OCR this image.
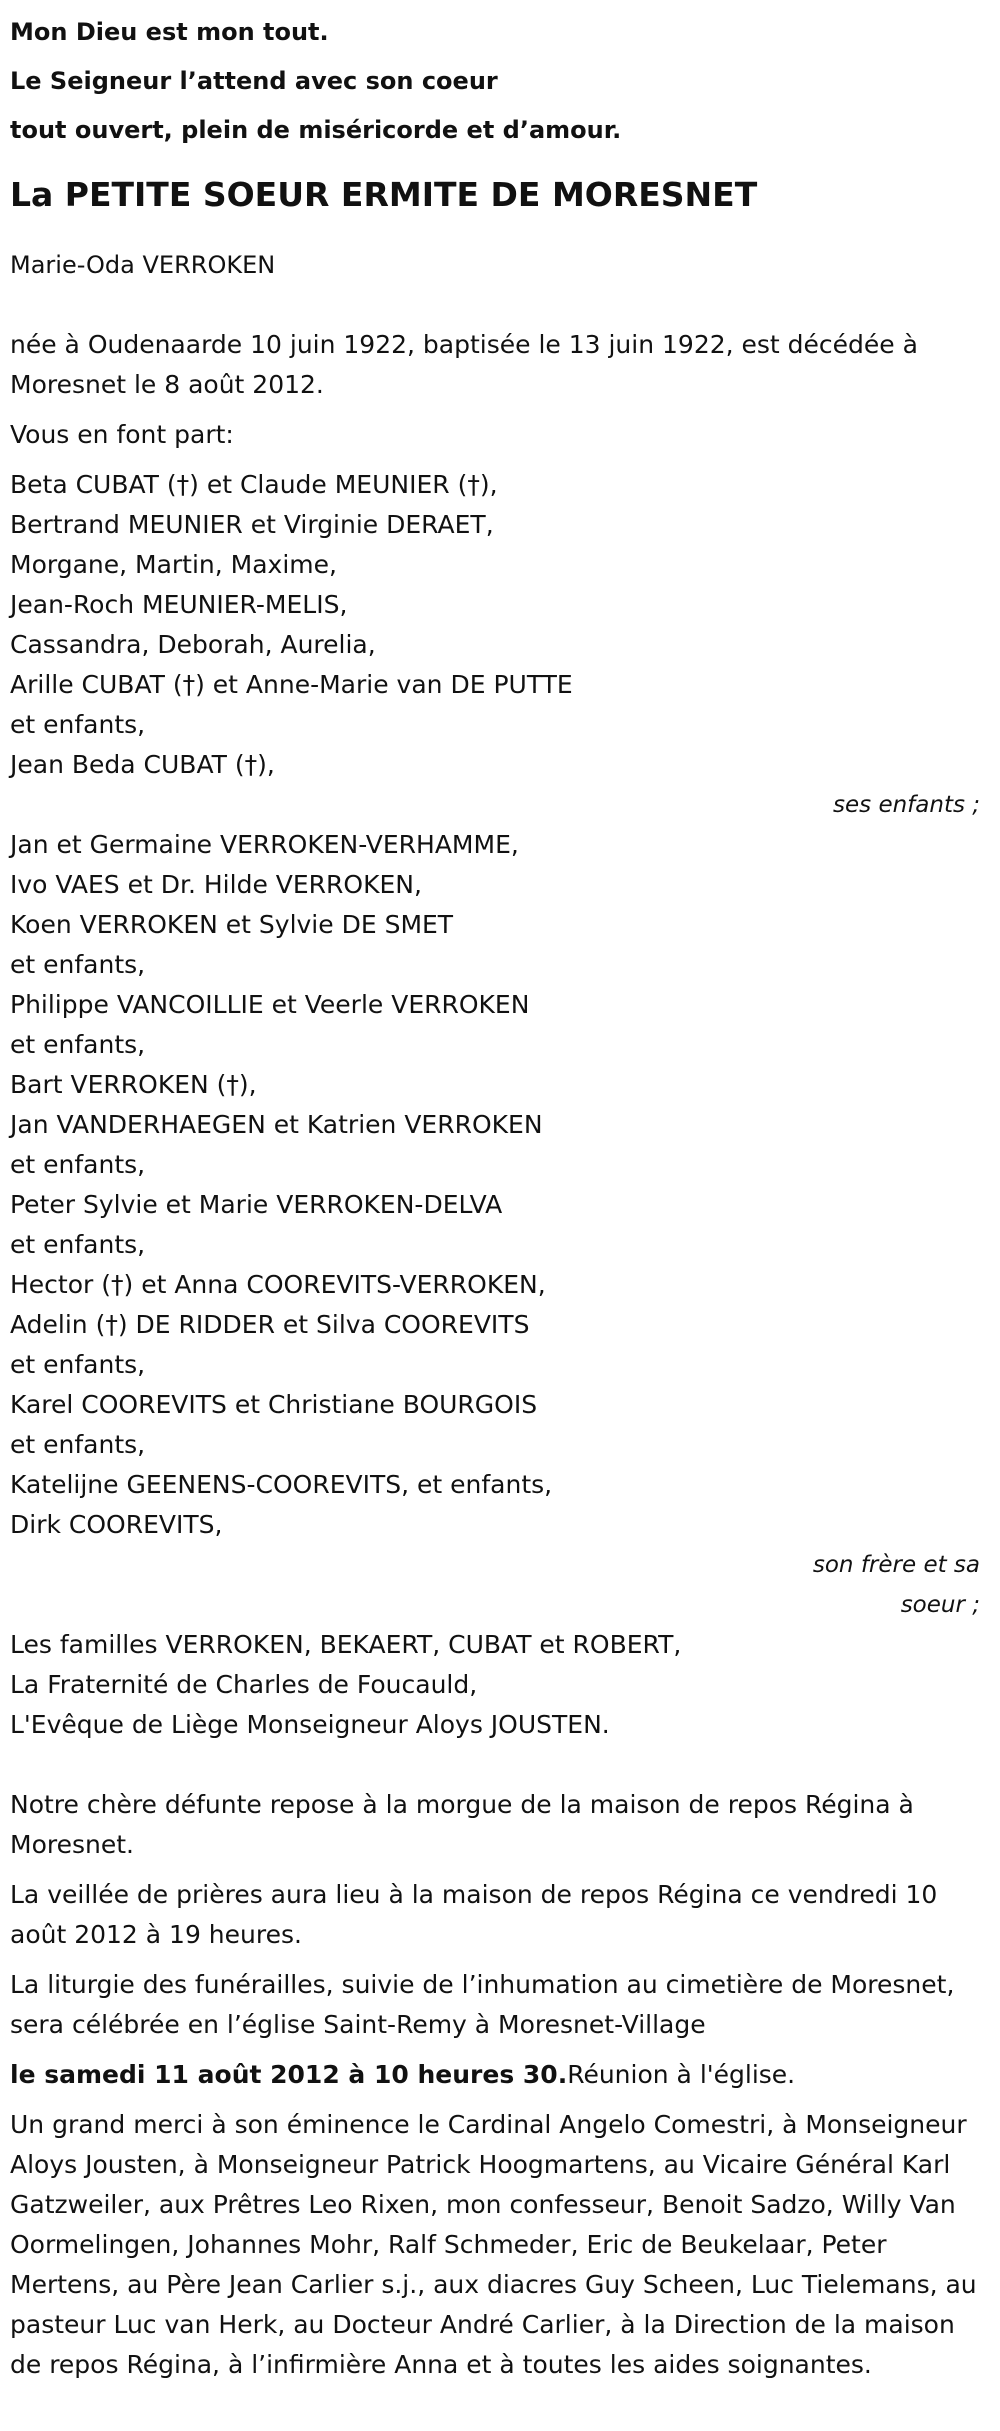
Mon Dieu est mon tout.
Le Seigneur l’attend avec son coeur
tout ouvert, plein de miséricorde et d’amour.
La PETITE SOEUR ERMITE DE MORESNET
Marie-Oda VERROKEN

née à Oudenaarde 10 juin 1922, baptisée le 13 juin 1922, est décédée à Moresnet le 8 août 2012.

Vous en font part:

Beta CUBAT (†) et Claude MEUNIER (†),
Bertrand MEUNIER et Virginie DERAET,
Morgane, Martin, Maxime,
Jean-Roch MEUNIER-MELIS,
Cassandra, Deborah, Aurelia,
Arille CUBAT (†) et Anne-Marie van DE PUTTE
et enfants,
Jean Beda CUBAT (†),
ses enfants ;
Jan et Germaine VERROKEN-VERHAMME,
Ivo VAES et Dr. Hilde VERROKEN,
Koen VERROKEN et Sylvie DE SMET
et enfants,
Philippe VANCOILLIE et Veerle VERROKEN
et enfants,
Bart VERROKEN (†),
Jan VANDERHAEGEN et Katrien VERROKEN
et enfants,
Peter Sylvie et Marie VERROKEN-DELVA
et enfants,
Hector (†) et Anna COOREVITS-VERROKEN,
Adelin (†) DE RIDDER et Silva COOREVITS
et enfants,
Karel COOREVITS et Christiane BOURGOIS
et enfants,
Katelijne GEENENS-COOREVITS, et enfants,
Dirk COOREVITS,
son frère et sa
soeur ;
Les familles VERROKEN, BEKAERT, CUBAT et ROBERT,
La Fraternité de Charles de Foucauld,
L'Evêque de Liège Monseigneur Aloys JOUSTEN.

Notre chère défunte repose à la morgue de la maison de repos Régina à Moresnet.

La veillée de prières aura lieu à la maison de repos Régina ce vendredi 10 août 2012 à 19 heures.

La liturgie des funérailles, suivie de l’inhumation au cimetière de Moresnet, sera célébrée en l’église Saint-Remy à Moresnet-Village

le samedi 11 août 2012 à 10 heures 30.Réunion à l'église.

Un grand merci à son éminence le Cardinal Angelo Comestri, à Monseigneur Aloys Jousten, à Monseigneur Patrick Hoogmartens, au Vicaire Général Karl Gatzweiler, aux Prêtres Leo Rixen, mon confesseur, Benoit Sadzo, Willy Van Oormelingen, Johannes Mohr, Ralf Schmeder, Eric de Beukelaar, Peter Mertens, au Père Jean Carlier s.j., aux diacres Guy Scheen, Luc Tielemans, au pasteur Luc van Herk, au Docteur André Carlier, à la Direction de la maison de repos Régina, à l’infirmière Anna et à toutes les aides soignantes.
